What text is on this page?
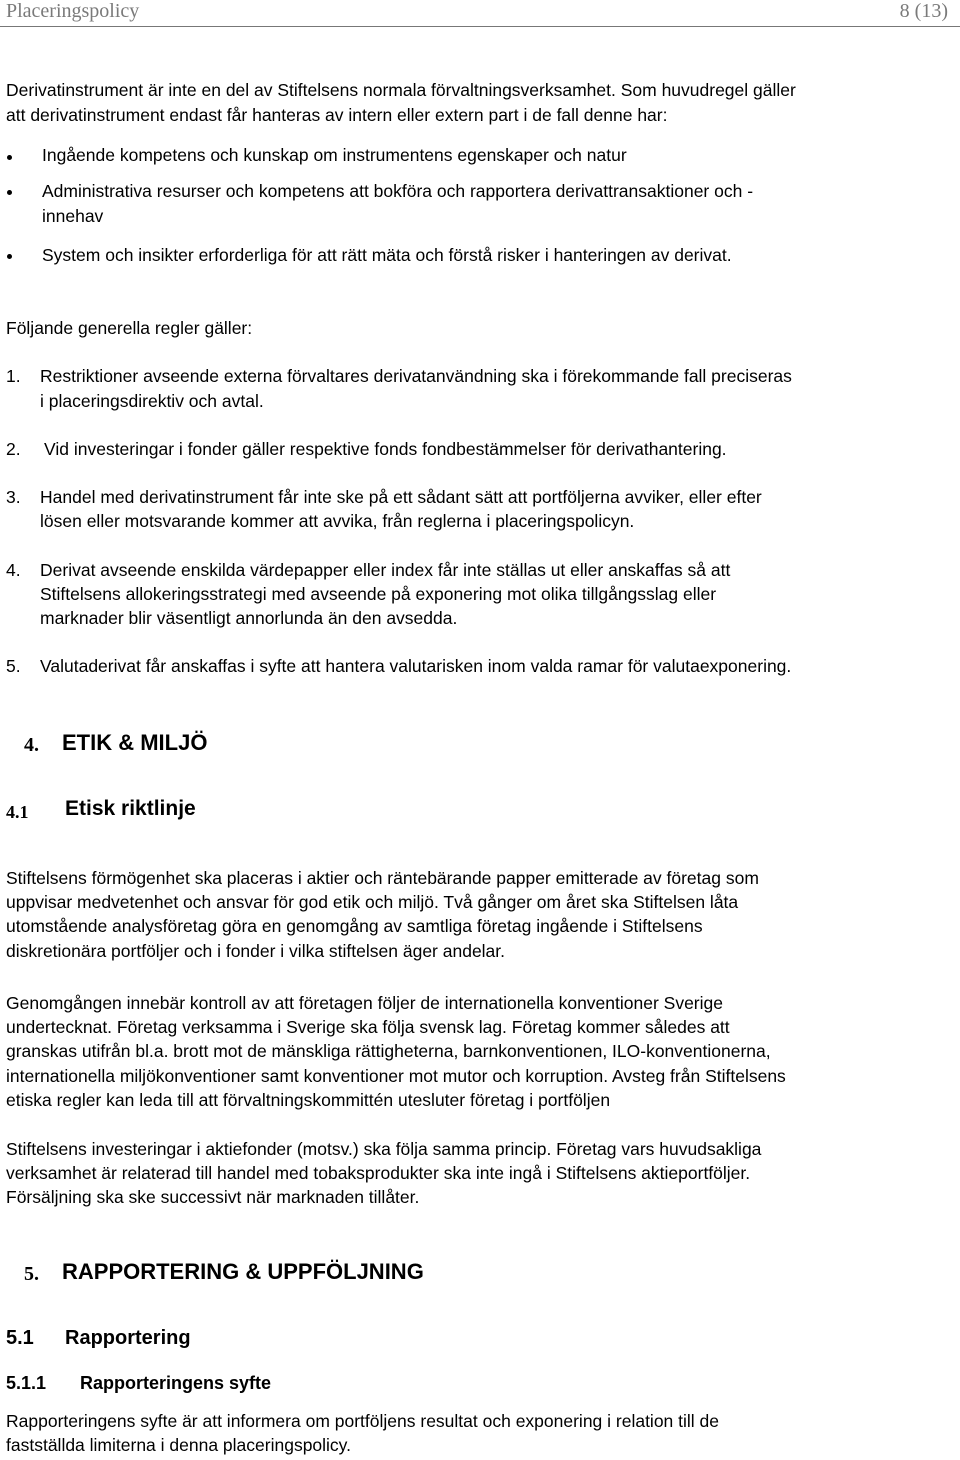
Placeringspolicy	8 (13)
Derivatinstrument är inte en del av Stiftelsens normala förvaltningsverksamhet. Som huvudregel gäller
att derivatinstrument endast får hanteras av intern eller extern part i de fall denne har:
Ingående kompetens och kunskap om instrumentens egenskaper och natur
Administrativa resurser och kompetens att bokföra och rapportera derivattransaktioner och -
innehav
System och insikter erforderliga för att rätt mäta och förstå risker i hanteringen av derivat.
Följande generella regler gäller:
1. Restriktioner avseende externa förvaltares derivatanvändning ska i förekommande fall preciseras
i placeringsdirektiv och avtal.
2. Vid investeringar i fonder gäller respektive fonds fondbestämmelser för derivathantering.
3. Handel med derivatinstrument får inte ske på ett sådant sätt att portföljerna avviker, eller efter
lösen eller motsvarande kommer att avvika, från reglerna i placeringspolicyn.
4. Derivat avseende enskilda värdepapper eller index får inte ställas ut eller anskaffas så att
Stiftelsens allokeringsstrategi med avseende på exponering mot olika tillgångsslag eller
marknader blir väsentligt annorlunda än den avsedda.
5. Valutaderivat får anskaffas i syfte att hantera valutarisken inom valda ramar för valutaexponering.
4. ETIK & MILJÖ
4.1 Etisk riktlinje
Stiftelsens förmögenhet ska placeras i aktier och räntebärande papper emitterade av företag som
uppvisar medvetenhet och ansvar för god etik och miljö. Två gånger om året ska Stiftelsen låta
utomstående analysföretag göra en genomgång av samtliga företag ingående i Stiftelsens
diskretionära portföljer och i fonder i vilka stiftelsen äger andelar.
Genomgången innebär kontroll av att företagen följer de internationella konventioner Sverige
undertecknat. Företag verksamma i Sverige ska följa svensk lag. Företag kommer således att
granskas utifrån bl.a. brott mot de mänskliga rättigheterna, barnkonventionen, ILO-konventionerna,
internationella miljökonventioner samt konventioner mot mutor och korruption. Avsteg från Stiftelsens
etiska regler kan leda till att förvaltningskommittén utesluter företag i portföljen
Stiftelsens investeringar i aktiefonder (motsv.) ska följa samma princip. Företag vars huvudsakliga
verksamhet är relaterad till handel med tobaksprodukter ska inte ingå i Stiftelsens aktieportföljer.
Försäljning ska ske successivt när marknaden tillåter.
5. RAPPORTERING & UPPFÖLJNING
5.1 Rapportering
5.1.1 Rapporteringens syfte
Rapporteringens syfte är att informera om portföljens resultat och exponering i relation till de
fastställda limiterna i denna placeringspolicy.
